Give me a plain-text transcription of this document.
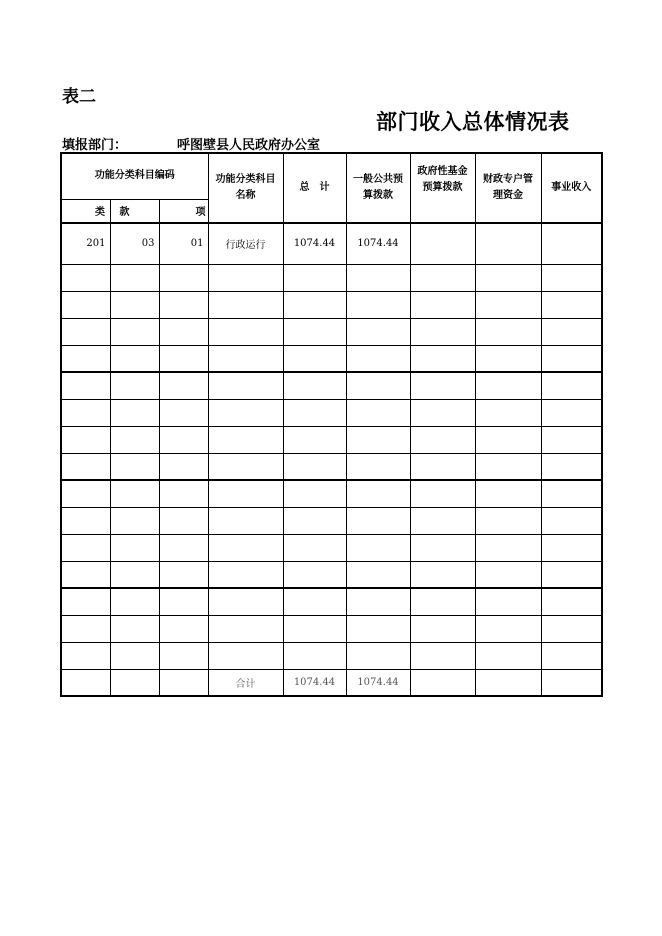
表二
部门收入总体情况表
填报部门：	呼图壁县人民政府办公室
功能分类科目编码			功能分类科目名称	总　计	一般公共预算拨款	政府性基金预算拨款	财政专户管理资金	事业收入
类	款	项						
201	03	01	行政运行	1074.44	1074.44			

			合计	1074.44	1074.44			
